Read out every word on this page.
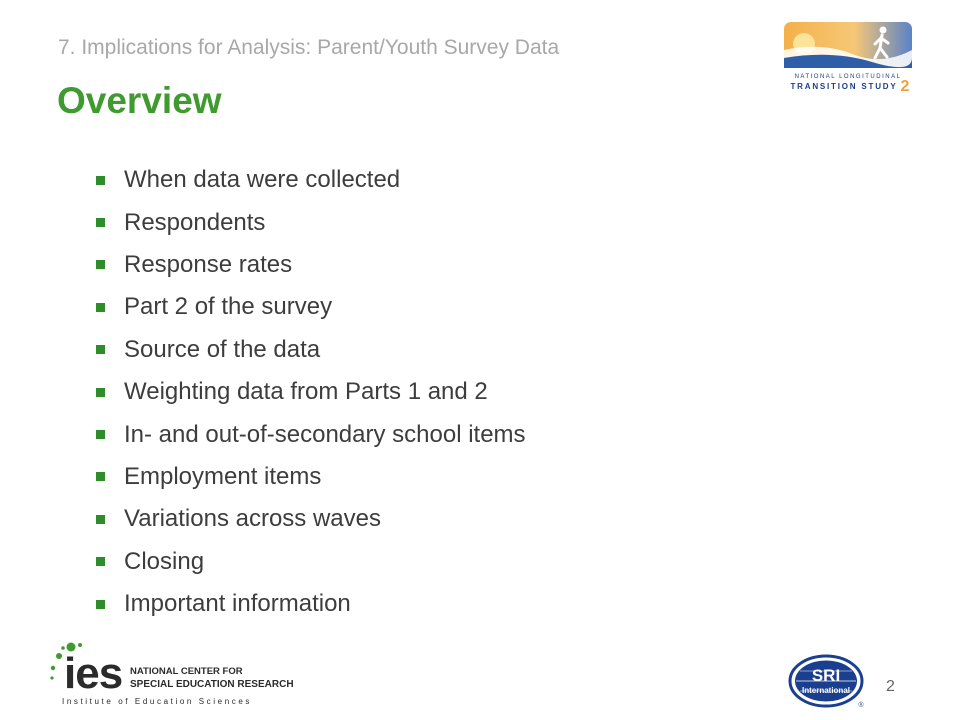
7. Implications for Analysis: Parent/Youth Survey Data
Overview
NATIONAL LONGITUDINAL
TRANSITION STUDY 2
When data were collected
Respondents
Response rates
Part 2 of the survey
Source of the data
Weighting data from Parts 1 and 2
In- and out-of-secondary school items
Employment items
Variations across waves
Closing
Important information
ies NATIONAL CENTER FOR
SPECIAL EDUCATION RESEARCH
Institute of Education Sciences
SRI
International
®
2
